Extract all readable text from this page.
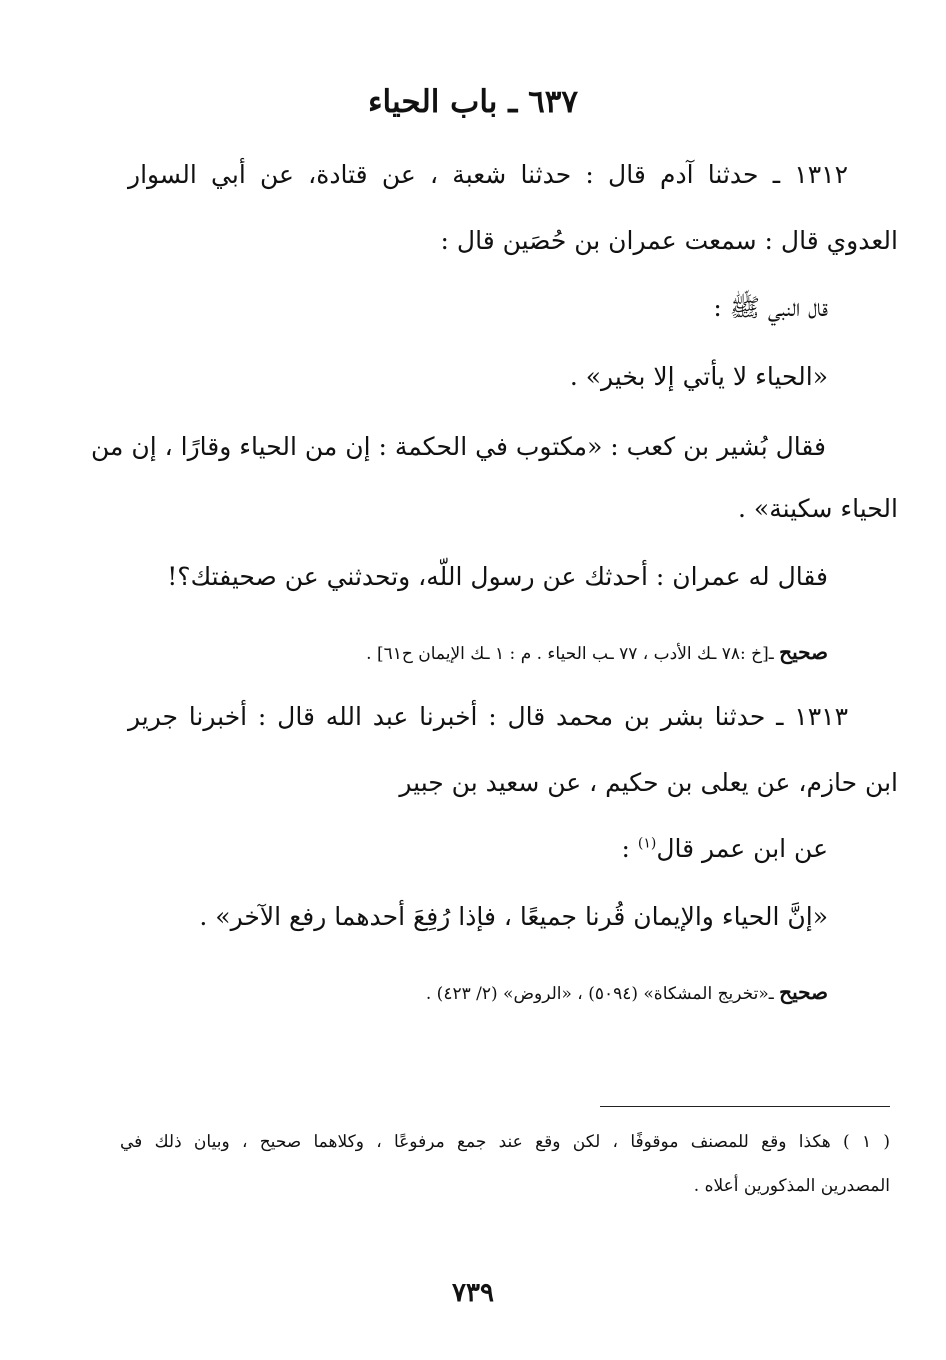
٦٣٧ ـ باب الحياء
١٣١٢ ـ حدثنا آدم قال : حدثنا شعبة ، عن قتادة، عن أبي السوار
العدوي قال : سمعت عمران بن حُصَين قال :
قال النبي ﷺ :
«الحياء لا يأتي إلا بخير» .
فقال بُشير بن كعب : «مكتوب في الحكمة : إن من الحياء وقارًا ، إن من
الحياء سكينة» .
فقال له عمران : أحدثك عن رسول اللّه، وتحدثني عن صحيفتك؟!
صحيح ـ[خ :٧٨ ـك الأدب ، ٧٧ ـب الحياء . م : ١ ـك الإيمان ح٦١] .
١٣١٣ ـ حدثنا بشر بن محمد قال : أخبرنا عبد الله قال : أخبرنا جرير
ابن حازم، عن يعلى بن حكيم ، عن سعيد بن جبير
عن ابن عمر قال$^{(١)}$ :
«إنَّ الحياء والإيمان قُرنا جميعًا ، فإذا رُفِعَ أحدهما رفع الآخر» .
صحيح ـ«تخريج المشكاة» (٥٠٩٤) ، «الروض» (٢/ ٤٢٣) .
( ١ ) هكذا وقع للمصنف موقوفًا ، لكن وقع عند جمع مرفوعًا ، وكلاهما صحيح ، وبيان ذلك في
المصدرين المذكورين أعلاه .
٧٣٩
